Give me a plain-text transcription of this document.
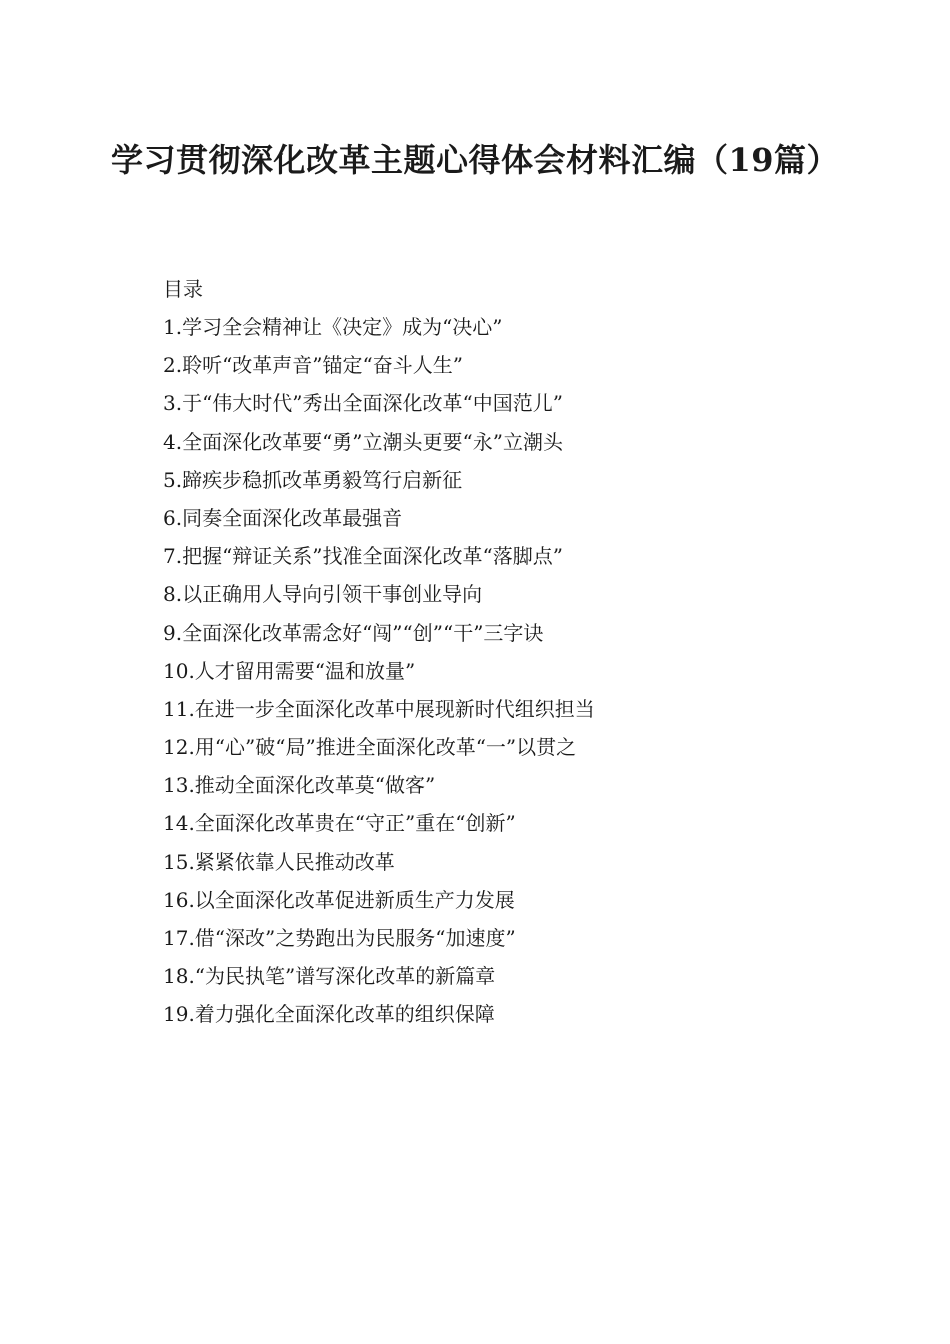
学习贯彻深化改革主题心得体会材料汇编（19篇）
目录
1.学习全会精神让《决定》成为“决心”
2.聆听“改革声音”锚定“奋斗人生”
3.于“伟大时代”秀出全面深化改革“中国范儿”
4.全面深化改革要“勇”立潮头更要“永”立潮头
5.蹄疾步稳抓改革勇毅笃行启新征
6.同奏全面深化改革最强音
7.把握“辩证关系”找准全面深化改革“落脚点”
8.以正确用人导向引领干事创业导向
9.全面深化改革需念好“闯”“创”“干”三字诀
10.人才留用需要“温和放量”
11.在进一步全面深化改革中展现新时代组织担当
12.用“心”破“局”推进全面深化改革“一”以贯之
13.推动全面深化改革莫“做客”
14.全面深化改革贵在“守正”重在“创新”
15.紧紧依靠人民推动改革
16.以全面深化改革促进新质生产力发展
17.借“深改”之势跑出为民服务“加速度”
18.“为民执笔”谱写深化改革的新篇章
19.着力强化全面深化改革的组织保障
